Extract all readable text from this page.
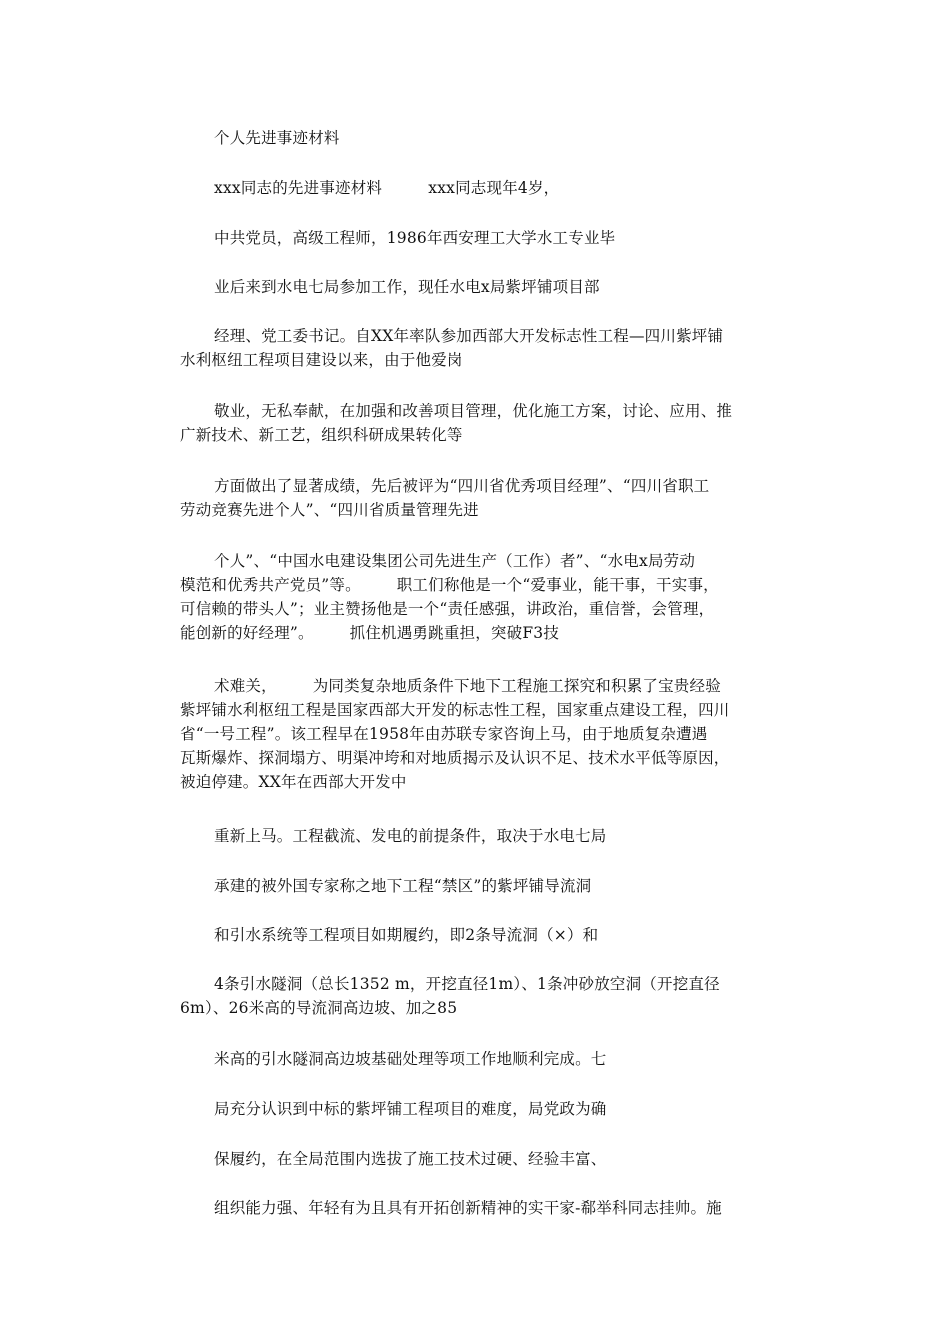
个人先进事迹材料
xxx同志的先进事迹材料         xxx同志现年4岁，
中共党员，高级工程师，1986年西安理工大学水工专业毕
业后来到水电七局参加工作，现任水电x局紫坪铺项目部
经理、党工委书记。自XX年率队参加西部大开发标志性工程—四川紫坪铺
水利枢纽工程项目建设以来，由于他爱岗
敬业，无私奉献，在加强和改善项目管理，优化施工方案，讨论、应用、推
广新技术、新工艺，组织科研成果转化等
方面做出了显著成绩，先后被评为“四川省优秀项目经理”、“四川省职工
劳动竞赛先进个人”、“四川省质量管理先进
个人”、“中国水电建设集团公司先进生产（工作）者”、“水电x局劳动
模范和优秀共产党员”等。       职工们称他是一个“爱事业，能干事，干实事，
可信赖的带头人”；业主赞扬他是一个“责任感强，讲政治，重信誉，会管理，
能创新的好经理”。       抓住机遇勇跳重担，突破F3技
术难关，       为同类复杂地质条件下地下工程施工探究和积累了宝贵经验
紫坪铺水利枢纽工程是国家西部大开发的标志性工程，国家重点建设工程，四川
省“一号工程”。该工程早在1958年由苏联专家咨询上马，由于地质复杂遭遇
瓦斯爆炸、探洞塌方、明渠冲垮和对地质揭示及认识不足、技术水平低等原因，
被迫停建。XX年在西部大开发中
重新上马。工程截流、发电的前提条件，取决于水电七局
承建的被外国专家称之地下工程“禁区”的紫坪铺导流洞
和引水系统等工程项目如期履约，即2条导流洞（×）和
4条引水隧洞（总长1352 m，开挖直径1m）、1条冲砂放空洞（开挖直径
6m）、26米高的导流洞高边坡、加之85
米高的引水隧洞高边坡基础处理等项工作地顺利完成。七
局充分认识到中标的紫坪铺工程项目的难度，局党政为确
保履约，在全局范围内选拔了施工技术过硬、经验丰富、
组织能力强、年轻有为且具有开拓创新精神的实干家-郗举科同志挂帅。施
